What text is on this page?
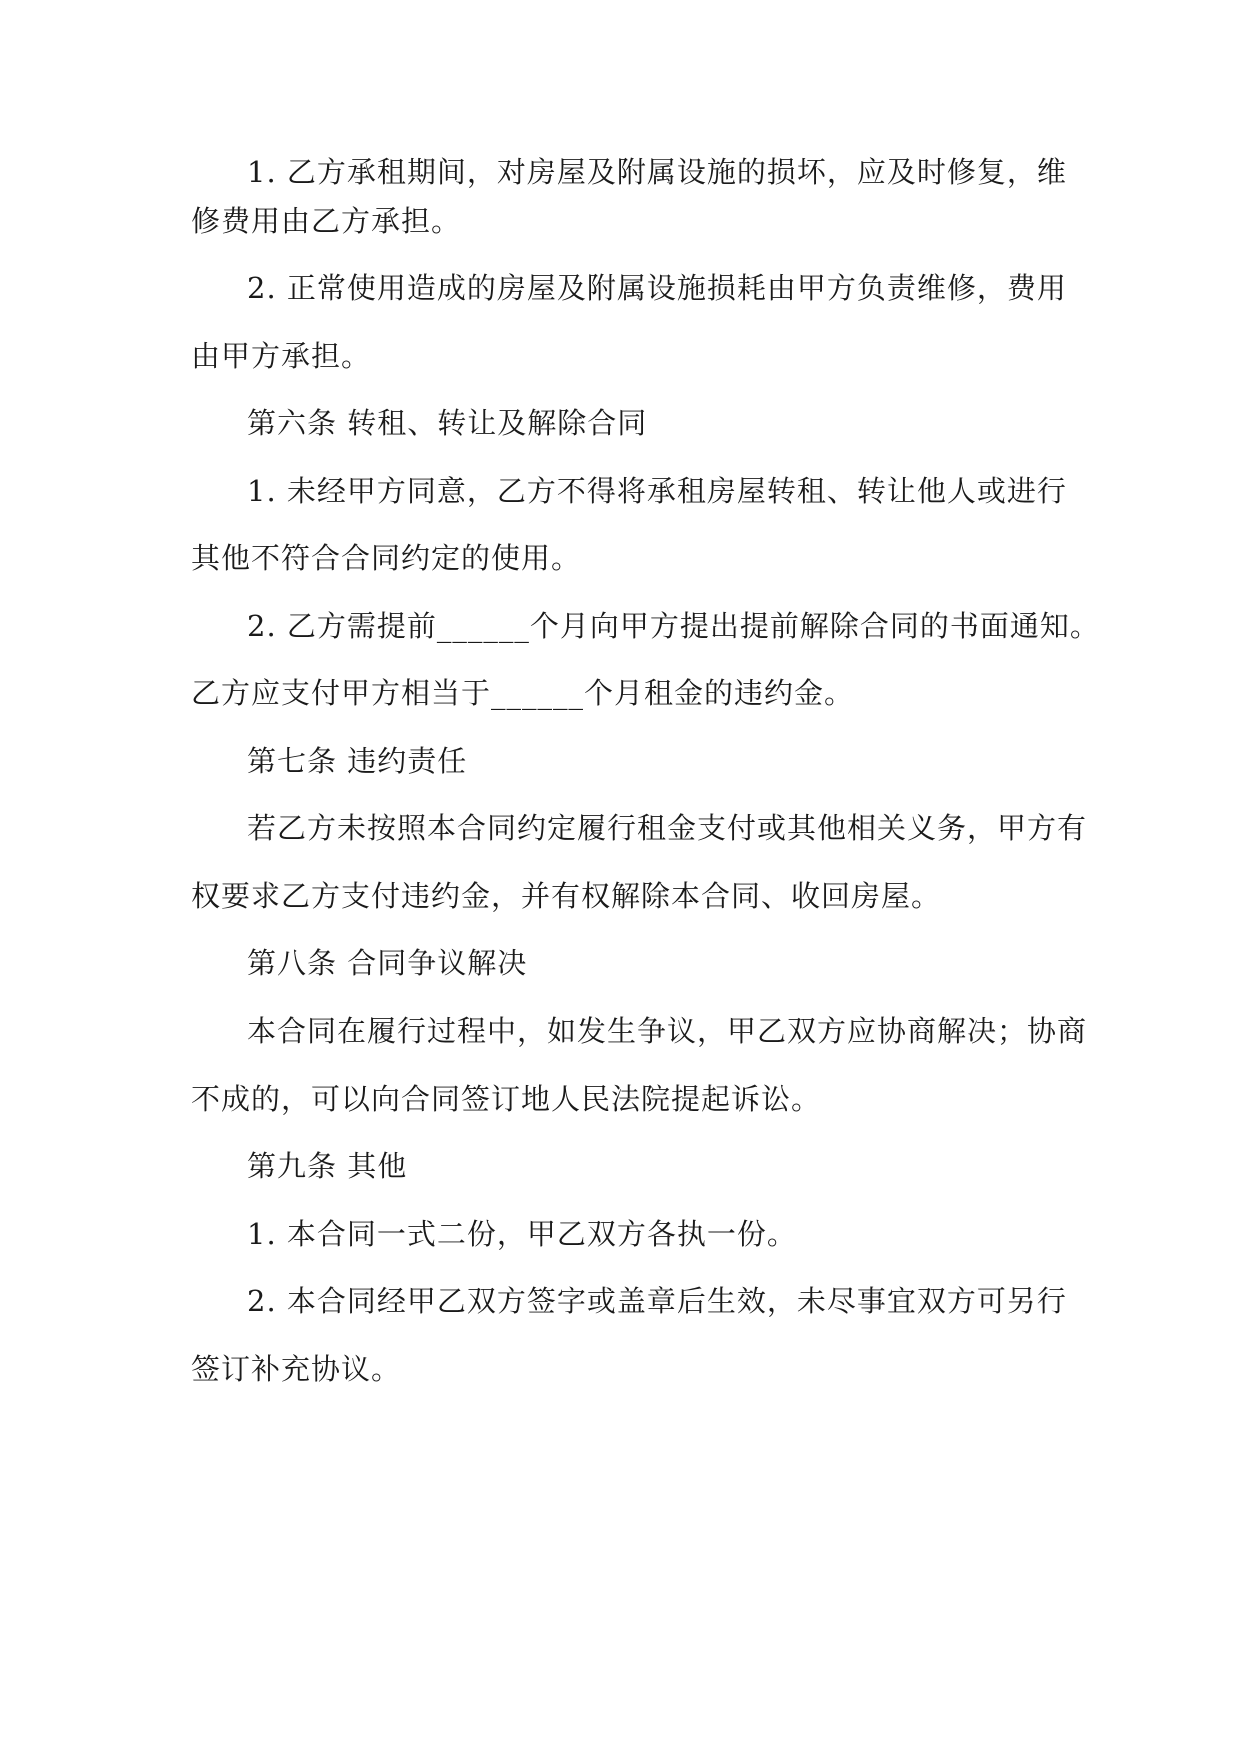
1. 乙方承租期间，对房屋及附属设施的损坏，应及时修复，维
修费用由乙方承担。
2. 正常使用造成的房屋及附属设施损耗由甲方负责维修，费用
由甲方承担。
第六条 转租、转让及解除合同
1. 未经甲方同意，乙方不得将承租房屋转租、转让他人或进行
其他不符合合同约定的使用。
2. 乙方需提前______个月向甲方提出提前解除合同的书面通知。
乙方应支付甲方相当于______个月租金的违约金。
第七条 违约责任
若乙方未按照本合同约定履行租金支付或其他相关义务，甲方有
权要求乙方支付违约金，并有权解除本合同、收回房屋。
第八条 合同争议解决
本合同在履行过程中，如发生争议，甲乙双方应协商解决；协商
不成的，可以向合同签订地人民法院提起诉讼。
第九条 其他
1. 本合同一式二份，甲乙双方各执一份。
2. 本合同经甲乙双方签字或盖章后生效，未尽事宜双方可另行
签订补充协议。
